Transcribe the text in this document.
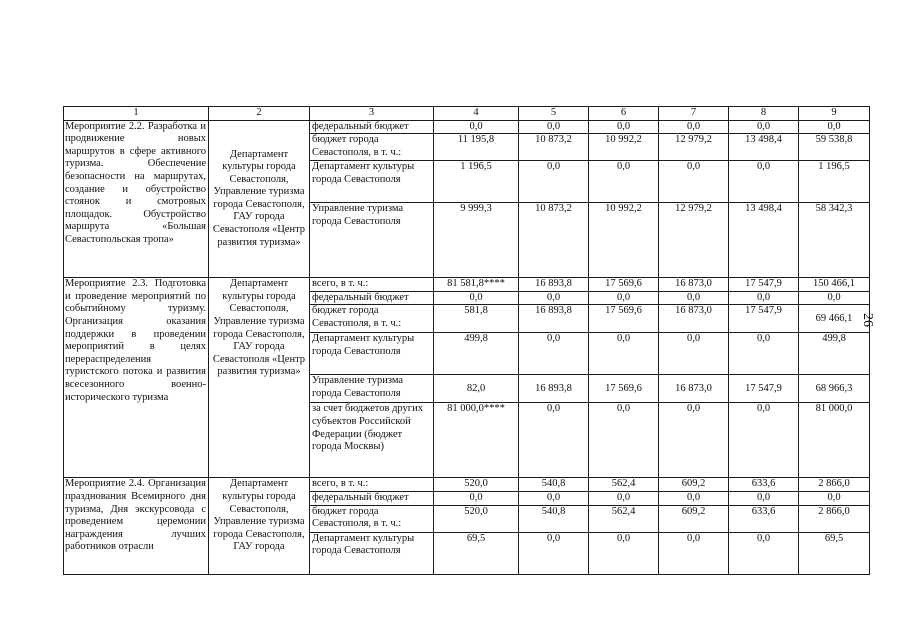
1	2	3	4	5	6	7	8	9
Мероприятие 2.2. Разработка и продвижение новых маршрутов в сфере активного туризма. Обеспечение безопасности на маршрутах, создание и обустройство стоянок и смотровых площадок. Обустройство маршрута «Большая Севастопольская тропа»	Департамент культуры города Севастополя, Управление туризма города Севастополя, ГАУ города Севастополя «Центр развития туризма»	федеральный бюджет	0,0	0,0	0,0	0,0	0,0	0,0
		бюджет города Севастополя, в т. ч.:	11 195,8	10 873,2	10 992,2	12 979,2	13 498,4	59 538,8
		Департамент культуры города Севастополя	1 196,5	0,0	0,0	0,0	0,0	1 196,5
		Управление туризма города Севастополя	9 999,3	10 873,2	10 992,2	12 979,2	13 498,4	58 342,3
Мероприятие 2.3. Подготовка и проведение мероприятий по событийному туризму. Организация оказания поддержки в проведении мероприятий в целях перераспределения туристского потока и развития всесезонного военно-исторического туризма	Департамент культуры города Севастополя, Управление туризма города Севастополя, ГАУ города Севастополя «Центр развития туризма»	всего, в т. ч.:	81 581,8****	16 893,8	17 569,6	16 873,0	17 547,9	150 466,1
		федеральный бюджет	0,0	0,0	0,0	0,0	0,0	0,0
		бюджет города Севастополя, в т. ч.:	581,8	16 893,8	17 569,6	16 873,0	17 547,9	69 466,1
		Департамент культуры города Севастополя	499,8	0,0	0,0	0,0	0,0	499,8
		Управление туризма города Севастополя	82,0	16 893,8	17 569,6	16 873,0	17 547,9	68 966,3
		за счет бюджетов других субъектов Российской Федерации (бюджет города Москвы)	81 000,0****	0,0	0,0	0,0	0,0	81 000,0
Мероприятие 2.4. Организация празднования Всемирного дня туризма, Дня экскурсовода с проведением церемонии награждения лучших работников отрасли	Департамент культуры города Севастополя, Управление туризма города Севастополя, ГАУ города	всего, в т. ч.:	520,0	540,8	562,4	609,2	633,6	2 866,0
		федеральный бюджет	0,0	0,0	0,0	0,0	0,0	0,0
		бюджет города Севастополя, в т. ч.:	520,0	540,8	562,4	609,2	633,6	2 866,0
		Департамент культуры города Севастополя	69,5	0,0	0,0	0,0	0,0	69,5
26
